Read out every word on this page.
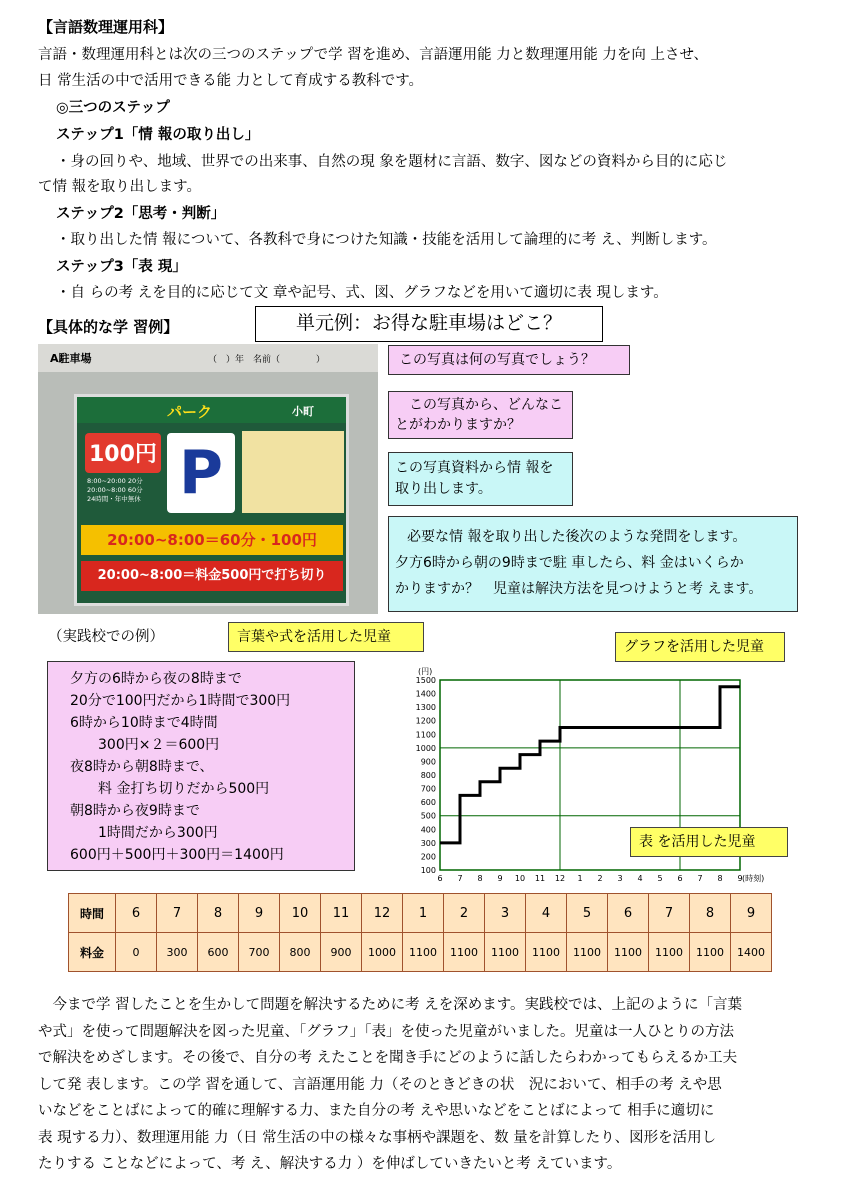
【言語数理運用科】
言語・数理運用科とは次の三つのステップで学 習を進め、言語運用能 力と数理運用能 力を向 上させ、
日 常生活の中で活用できる能 力として育成する教科です。
◎三つのステップ
ステップ1「情 報の取り出し」
・身の回りや、地域、世界での出来事、自然の現 象を題材に言語、数字、図などの資料から目的に応じ
て情 報を取り出します。
ステップ2「思考・判断」
・取り出した情 報について、各教科で身につけた知識・技能を活用して論理的に考 え、判断します。
ステップ3「表 現」
・自 らの考 えを目的に応じて文 章や記号、式、図、グラフなどを用いて適切に表 現します。
【具体的な学 習例】	単元例：お得な駐車場はどこ？
A駐車場	（　）年　名前（　　　　）
パーク	小町
100円 P
8:00~20:00 20分
20:00~8:00 60分
24時間・年中無休
20:00~8:00＝60分・100円
20:00~8:00＝料金500円で打ち切り
この写真は何の写真でしょう？
この写真から、どんなこ
とがわかりますか？
この写真資料から情 報を
取り出します。
必要な情 報を取り出した後次のような発問をします。
夕方6時から朝の9時まで駐 車したら、料 金はいくらか
かりますか？　児童は解決方法を見つけようと考 えます。
（実践校での例）	言葉や式を活用した児童
グラフを活用した児童
夕方の6時から夜の8時まで
20分で100円だから1時間で300円
6時から10時まで4時間
　　300円×２＝600円
夜8時から朝8時まで、
　　料 金打ち切りだから500円
朝8時から夜9時まで
　　1時間だから300円
600円＋500円＋300円＝1400円
100
200
300
400
500
600
700
800
900
1000
1100
1200
1300
1400
1500
6 7 8 9 10 11 12 1 2 3 4 5 6 7 8 9
(円)
(時刻)
表 を活用した児童
時間	6	7	8	9	10	11	12	1	2	3	4	5	6	7	8	9
料金	0	300	600	700	800	900	1000	1100	1100	1100	1100	1100	1100	1100	1100	1400
　今まで学 習したことを生かして問題を解決するために考 えを深めます。実践校では、上記のように「言葉
や式」を使って問題解決を図った児童、「グラフ」「表」を使った児童がいました。児童は一人ひとりの方法
で解決をめざします。その後で、自分の考 えたことを聞き手にどのように話したらわかってもらえるか工夫
して発 表します。この学 習を通して、言語運用能 力（そのときどきの状　況において、相手の考 えや思
いなどをことばによって的確に理解する力、また自分の考 えや思いなどをことばによって 相手に適切に
表 現する力）、数理運用能 力（日 常生活の中の様々な事柄や課題を、数 量を計算したり、図形を活用し
たりする ことなどによって、考 え、解決する力 ）を伸ばしていきたいと考 えています。
